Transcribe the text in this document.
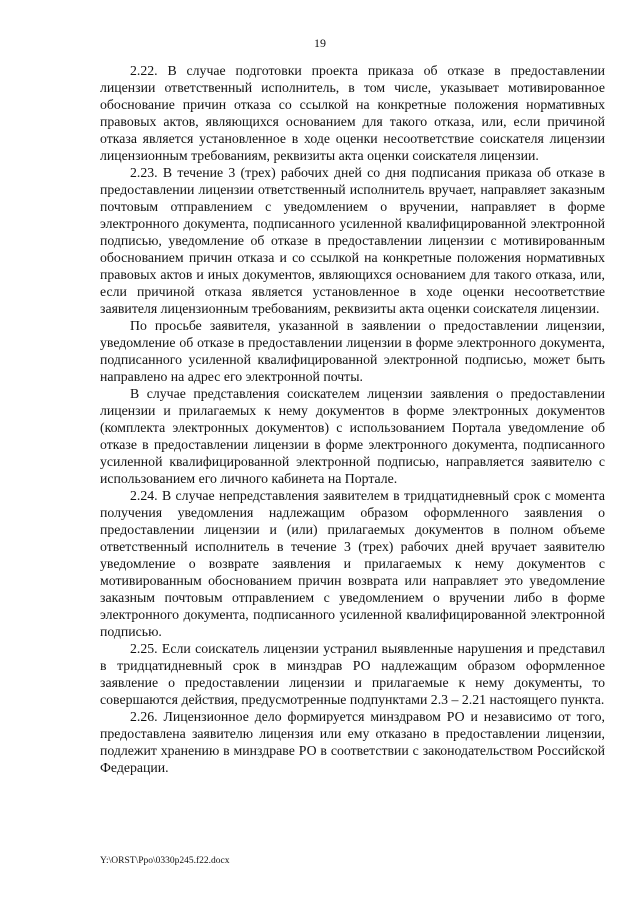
19

2.22. В случае подготовки проекта приказа об отказе в предоставлении лицензии ответственный исполнитель, в том числе, указывает мотивированное обоснование причин отказа со ссылкой на конкретные положения нормативных правовых актов, являющихся основанием для такого отказа, или, если причиной отказа является установленное в ходе оценки несоответствие соискателя лицензии лицензионным требованиям, реквизиты акта оценки соискателя лицензии.

2.23. В течение 3 (трех) рабочих дней со дня подписания приказа об отказе в предоставлении лицензии ответственный исполнитель вручает, направляет заказным почтовым отправлением с уведомлением о вручении, направляет в форме электронного документа, подписанного усиленной квалифицированной электронной подписью, уведомление об отказе в предоставлении лицензии с мотивированным обоснованием причин отказа и со ссылкой на конкретные положения нормативных правовых актов и иных документов, являющихся основанием для такого отказа, или, если причиной отказа является установленное в ходе оценки несоответствие заявителя лицензионным требованиям, реквизиты акта оценки соискателя лицензии.

По просьбе заявителя, указанной в заявлении о предоставлении лицензии, уведомление об отказе в предоставлении лицензии в форме электронного документа, подписанного усиленной квалифицированной электронной подписью, может быть направлено на адрес его электронной почты.

В случае представления соискателем лицензии заявления о предоставлении лицензии и прилагаемых к нему документов в форме электронных документов (комплекта электронных документов) с использованием Портала уведомление об отказе в предоставлении лицензии в форме электронного документа, подписанного усиленной квалифицированной электронной подписью, направляется заявителю с использованием его личного кабинета на Портале.

2.24. В случае непредставления заявителем в тридцатидневный срок с момента получения уведомления надлежащим образом оформленного заявления о предоставлении лицензии и (или) прилагаемых документов в полном объеме ответственный исполнитель в течение 3 (трех) рабочих дней вручает заявителю уведомление о возврате заявления и прилагаемых к нему документов с мотивированным обоснованием причин возврата или направляет это уведомление заказным почтовым отправлением с уведомлением о вручении либо в форме электронного документа, подписанного усиленной квалифицированной электронной подписью.

2.25. Если соискатель лицензии устранил выявленные нарушения и представил в тридцатидневный срок в минздрав РО надлежащим образом оформленное заявление о предоставлении лицензии и прилагаемые к нему документы, то совершаются действия, предусмотренные подпунктами 2.3 – 2.21 настоящего пункта.

2.26. Лицензионное дело формируется минздравом РО и независимо от того, предоставлена заявителю лицензия или ему отказано в предоставлении лицензии, подлежит хранению в минздраве РО в соответствии с законодательством Российской Федерации.

Y:\ORST\Ppo\0330p245.f22.docx
